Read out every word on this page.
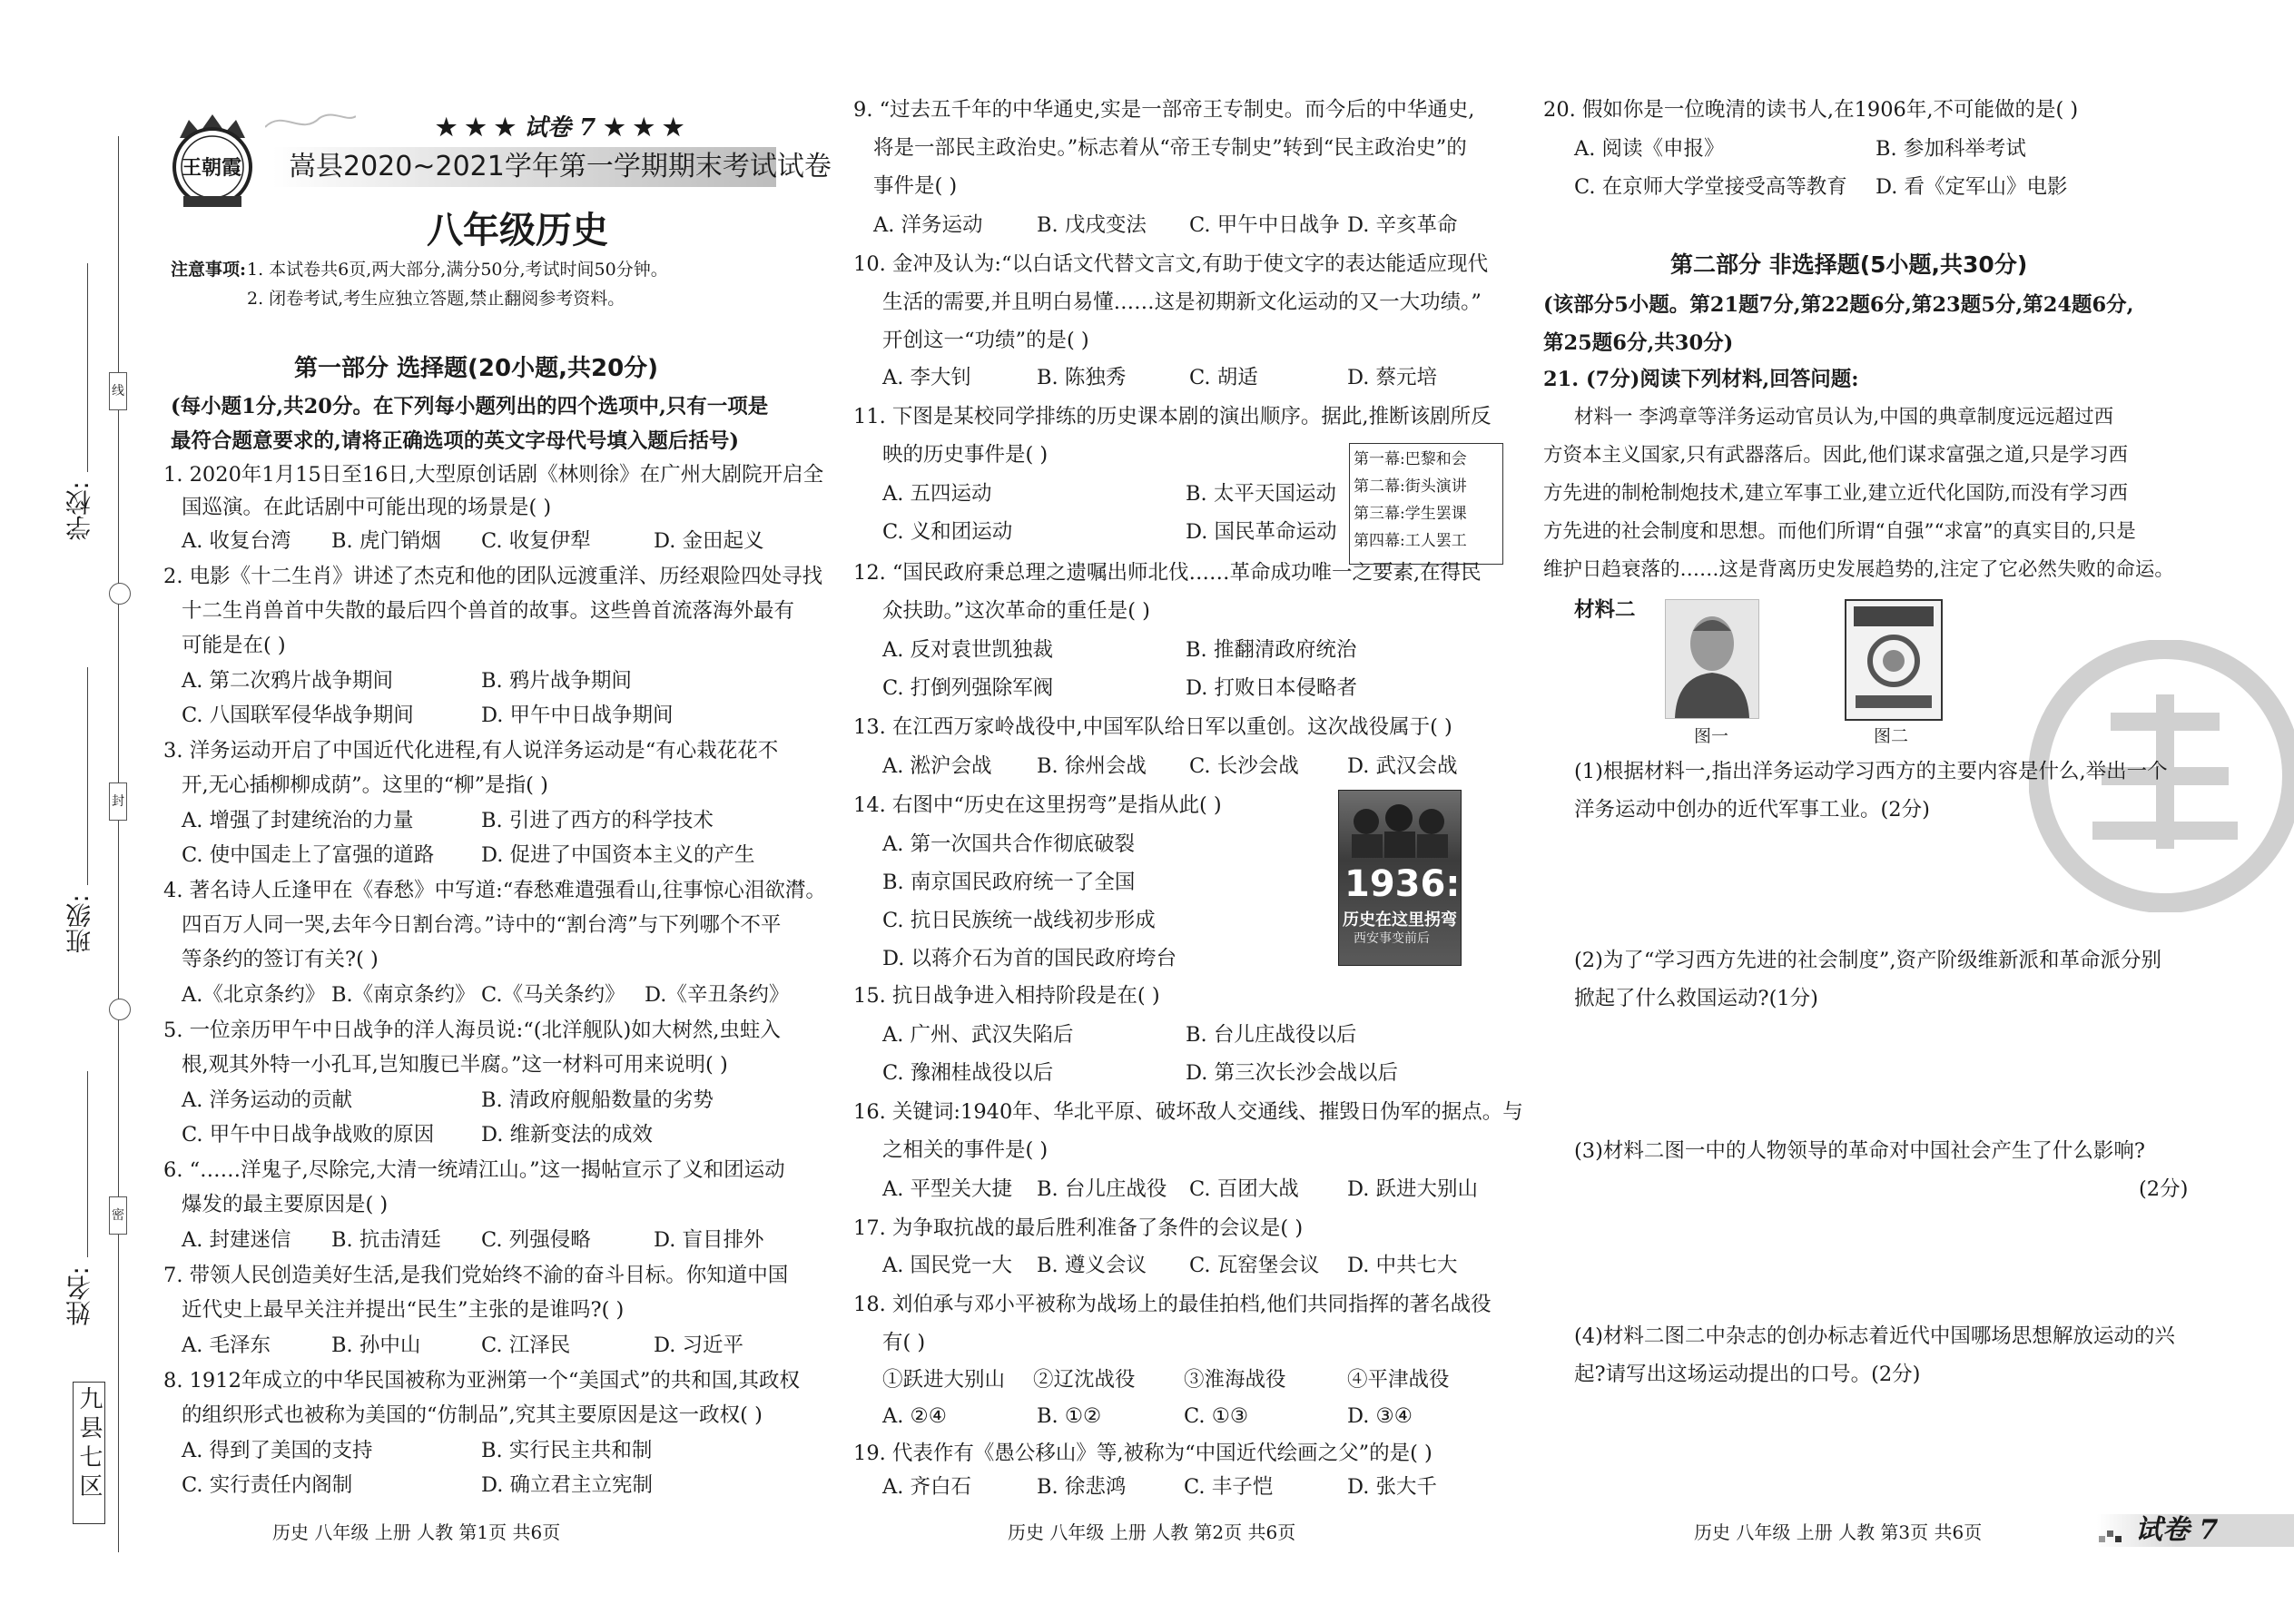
线
封
密
学校:
班级:
姓名:
九县七区
王朝霞
★ ★ ★ 试卷 7 ★ ★ ★
嵩县2020~2021学年第一学期期末考试试卷
八年级历史
注意事项: 1. 本试卷共6页,两大部分,满分50分,考试时间50分钟。
2. 闭卷考试,考生应独立答题,禁止翻阅参考资料。
第一部分 选择题(20小题,共20分)
(每小题1分,共20分。在下列每小题列出的四个选项中,只有一项是
最符合题意要求的,请将正确选项的英文字母代号填入题后括号)
1. 2020年1月15日至16日,大型原创话剧《林则徐》在广州大剧院开启全
国巡演。在此话剧中可能出现的场景是( )
A. 收复台湾 B. 虎门销烟 C. 收复伊犁	D. 金田起义
2. 电影《十二生肖》讲述了杰克和他的团队远渡重洋、历经艰险四处寻找
十二生肖兽首中失散的最后四个兽首的故事。这些兽首流落海外最有
可能是在( )
A. 第二次鸦片战争期间	B. 鸦片战争期间
C. 八国联军侵华战争期间	D. 甲午中日战争期间
3. 洋务运动开启了中国近代化进程,有人说洋务运动是“有心栽花花不
开,无心插柳柳成荫”。这里的“柳”是指( )
A. 增强了封建统治的力量	B. 引进了西方的科学技术
C. 使中国走上了富强的道路 D. 促进了中国资本主义的产生
4. 著名诗人丘逢甲在《春愁》中写道:“春愁难遣强看山,往事惊心泪欲潸。
四百万人同一哭,去年今日割台湾。”诗中的“割台湾”与下列哪个不平
等条约的签订有关?( )
A.《北京条约》 B.《南京条约》 C.《马关条约》 D.《辛丑条约》
5. 一位亲历甲午中日战争的洋人海员说:“(北洋舰队)如大树然,虫蛀入
根,观其外特一小孔耳,岂知腹已半腐。”这一材料可用来说明( )
A. 洋务运动的贡献	B. 清政府舰船数量的劣势
C. 甲午中日战争战败的原因 D. 维新变法的成效
6. “……洋鬼子,尽除完,大清一统靖江山。”这一揭帖宣示了义和团运动
爆发的最主要原因是( )
A. 封建迷信 B. 抗击清廷 C. 列强侵略	D. 盲目排外
7. 带领人民创造美好生活,是我们党始终不渝的奋斗目标。你知道中国
近代史上最早关注并提出“民生”主张的是谁吗?( )
A. 毛泽东	B. 孙中山	C. 江泽民	D. 习近平
8. 1912年成立的中华民国被称为亚洲第一个“美国式”的共和国,其政权
的组织形式也被称为美国的“仿制品”,究其主要原因是这一政权( )
A. 得到了美国的支持	B. 实行民主共和制
C. 实行责任内阁制	D. 确立君主立宪制
历史 八年级 上册 人教 第1页 共6页
9. “过去五千年的中华通史,实是一部帝王专制史。而今后的中华通史,
将是一部民主政治史。”标志着从“帝王专制史”转到“民主政治史”的
事件是( )
A. 洋务运动	B. 戊戌变法 C. 甲午中日战争 D. 辛亥革命
10. 金冲及认为:“以白话文代替文言文,有助于使文字的表达能适应现代
生活的需要,并且明白易懂……这是初期新文化运动的又一大功绩。”
开创这一“功绩”的是( )
A. 李大钊	B. 陈独秀	C. 胡适	D. 蔡元培
11. 下图是某校同学排练的历史课本剧的演出顺序。据此,推断该剧所反
映的历史事件是( )
A. 五四运动	B. 太平天国运动
C. 义和团运动	D. 国民革命运动
第一幕:巴黎和会
第二幕:街头演讲
第三幕:学生罢课
第四幕:工人罢工
12. “国民政府秉总理之遗嘱出师北伐……革命成功唯一之要素,在得民
众扶助。”这次革命的重任是( )
A. 反对袁世凯独裁	B. 推翻清政府统治
C. 打倒列强除军阀	D. 打败日本侵略者
13. 在江西万家岭战役中,中国军队给日军以重创。这次战役属于( )
A. 淞沪会战 B. 徐州会战 C. 长沙会战 D. 武汉会战
14. 右图中“历史在这里拐弯”是指从此( )
A. 第一次国共合作彻底破裂
B. 南京国民政府统一了全国
C. 抗日民族统一战线初步形成
D. 以蒋介石为首的国民政府垮台
1936:
历史在这里拐弯
西安事变前后
15. 抗日战争进入相持阶段是在( )
A. 广州、武汉失陷后	B. 台儿庄战役以后
C. 豫湘桂战役以后	D. 第三次长沙会战以后
16. 关键词:1940年、华北平原、破坏敌人交通线、摧毁日伪军的据点。与
之相关的事件是( )
A. 平型关大捷 B. 台儿庄战役 C. 百团大战 D. 跃进大别山
17. 为争取抗战的最后胜利准备了条件的会议是( )
A. 国民党一大 B. 遵义会议 C. 瓦窑堡会议 D. 中共七大
18. 刘伯承与邓小平被称为战场上的最佳拍档,他们共同指挥的著名战役
有( )
①跃进大别山 ②辽沈战役 ③淮海战役	④平津战役
A. ②④	B. ①②	C. ①③	D. ③④
19. 代表作有《愚公移山》等,被称为“中国近代绘画之父”的是( )
A. 齐白石	B. 徐悲鸿	C. 丰子恺	D. 张大千
历史 八年级 上册 人教 第2页 共6页
20. 假如你是一位晚清的读书人,在1906年,不可能做的是( )
A. 阅读《申报》	B. 参加科举考试
C. 在京师大学堂接受高等教育 D. 看《定军山》电影
第二部分 非选择题(5小题,共30分)
(该部分5小题。第21题7分,第22题6分,第23题5分,第24题6分,
第25题6分,共30分)
21. (7分)阅读下列材料,回答问题:
材料一 李鸿章等洋务运动官员认为,中国的典章制度远远超过西
方资本主义国家,只有武器落后。因此,他们谋求富强之道,只是学习西
方先进的制枪制炮技术,建立军事工业,建立近代化国防,而没有学习西
方先进的社会制度和思想。而他们所谓“自强”“求富”的真实目的,只是
维护日趋衰落的……这是背离历史发展趋势的,注定了它必然失败的命运。
材料二
图一	图二
(1)根据材料一,指出洋务运动学习西方的主要内容是什么,举出一个
洋务运动中创办的近代军事工业。(2分)
(2)为了“学习西方先进的社会制度”,资产阶级维新派和革命派分别
掀起了什么救国运动?(1分)
(3)材料二图一中的人物领导的革命对中国社会产生了什么影响?
(2分)
(4)材料二图二中杂志的创办标志着近代中国哪场思想解放运动的兴
起?请写出这场运动提出的口号。(2分)
历史 八年级 上册 人教 第3页 共6页	试卷 7
